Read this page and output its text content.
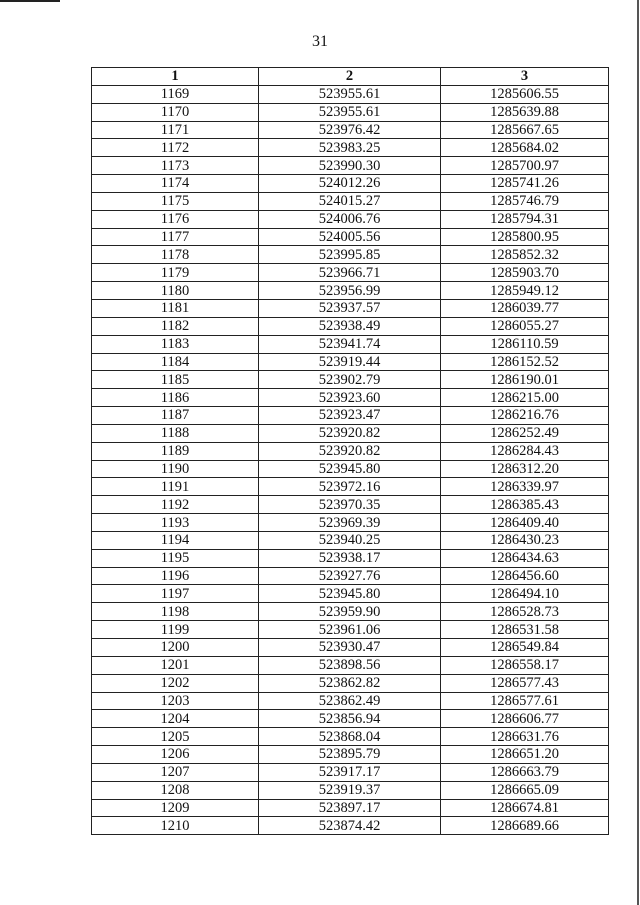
31
1	2	3
1169	523955.61	1285606.55
1170	523955.61	1285639.88
1171	523976.42	1285667.65
1172	523983.25	1285684.02
1173	523990.30	1285700.97
1174	524012.26	1285741.26
1175	524015.27	1285746.79
1176	524006.76	1285794.31
1177	524005.56	1285800.95
1178	523995.85	1285852.32
1179	523966.71	1285903.70
1180	523956.99	1285949.12
1181	523937.57	1286039.77
1182	523938.49	1286055.27
1183	523941.74	1286110.59
1184	523919.44	1286152.52
1185	523902.79	1286190.01
1186	523923.60	1286215.00
1187	523923.47	1286216.76
1188	523920.82	1286252.49
1189	523920.82	1286284.43
1190	523945.80	1286312.20
1191	523972.16	1286339.97
1192	523970.35	1286385.43
1193	523969.39	1286409.40
1194	523940.25	1286430.23
1195	523938.17	1286434.63
1196	523927.76	1286456.60
1197	523945.80	1286494.10
1198	523959.90	1286528.73
1199	523961.06	1286531.58
1200	523930.47	1286549.84
1201	523898.56	1286558.17
1202	523862.82	1286577.43
1203	523862.49	1286577.61
1204	523856.94	1286606.77
1205	523868.04	1286631.76
1206	523895.79	1286651.20
1207	523917.17	1286663.79
1208	523919.37	1286665.09
1209	523897.17	1286674.81
1210	523874.42	1286689.66
